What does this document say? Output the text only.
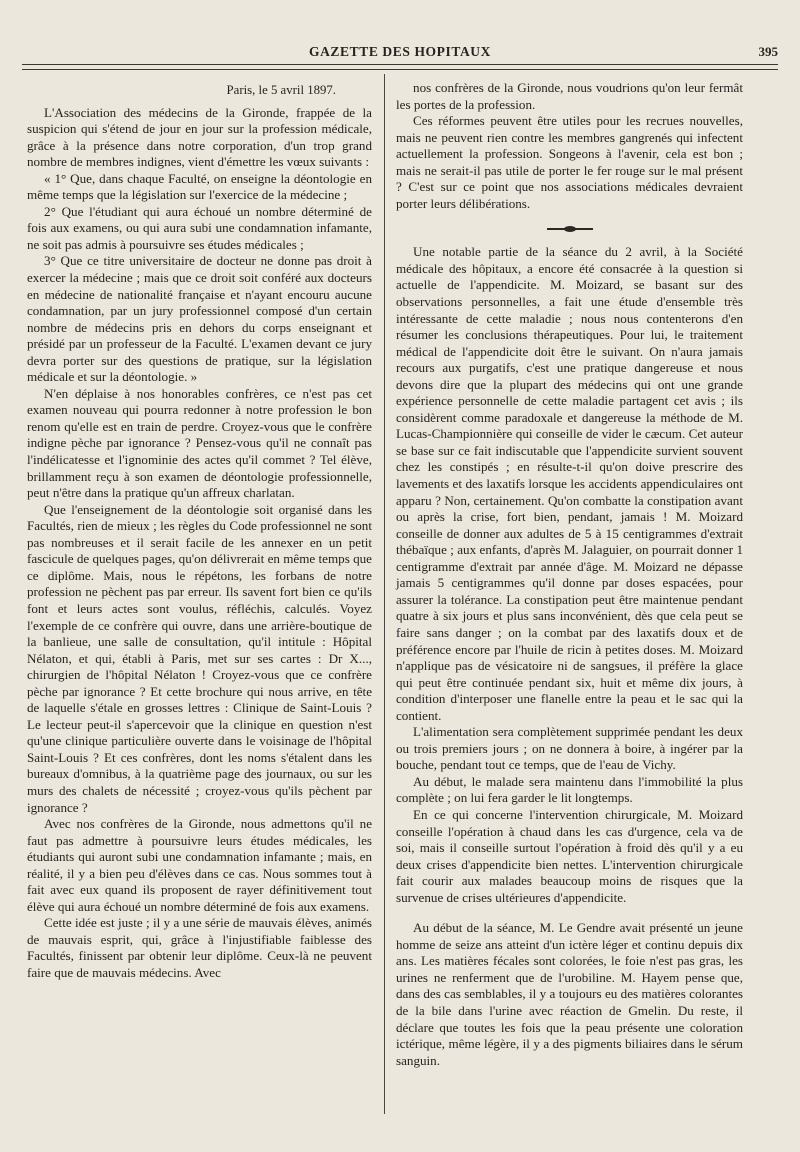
GAZETTE DES HOPITAUX	395

Paris, le 5 avril 1897.

L'Association des médecins de la Gironde, frappée de la suspicion qui s'étend de jour en jour sur la profession médicale, grâce à la présence dans notre corporation, d'un trop grand nombre de membres indignes, vient d'émettre les vœux suivants :

« 1° Que, dans chaque Faculté, on enseigne la déontologie en même temps que la législation sur l'exercice de la médecine ;

2° Que l'étudiant qui aura échoué un nombre déterminé de fois aux examens, ou qui aura subi une condamnation infamante, ne soit pas admis à poursuivre ses études médicales ;

3° Que ce titre universitaire de docteur ne donne pas droit à exercer la médecine ; mais que ce droit soit conféré aux docteurs en médecine de nationalité française et n'ayant encouru aucune condamnation, par un jury professionnel composé d'un certain nombre de médecins pris en dehors du corps enseignant et présidé par un professeur de la Faculté. L'examen devant ce jury devra porter sur des questions de pratique, sur la législation médicale et sur la déontologie. »

N'en déplaise à nos honorables confrères, ce n'est pas cet examen nouveau qui pourra redonner à notre profession le bon renom qu'elle est en train de perdre. Croyez-vous que le confrère indigne pèche par ignorance ? Pensez-vous qu'il ne connaît pas l'indélicatesse et l'ignominie des actes qu'il commet ? Tel élève, brillamment reçu à son examen de déontologie professionnelle, peut n'être dans la pratique qu'un affreux charlatan.

Que l'enseignement de la déontologie soit organisé dans les Facultés, rien de mieux ; les règles du Code professionnel ne sont pas nombreuses et il serait facile de les annexer en un petit fascicule de quelques pages, qu'on délivrerait en même temps que ce diplôme. Mais, nous le répétons, les forbans de notre profession ne pèchent pas par erreur. Ils savent fort bien ce qu'ils font et leurs actes sont voulus, réfléchis, calculés. Voyez l'exemple de ce confrère qui ouvre, dans une arrière-boutique de la banlieue, une salle de consultation, qu'il intitule : Hôpital Nélaton, et qui, établi à Paris, met sur ses cartes : Dr X..., chirurgien de l'hôpital Nélaton ! Croyez-vous que ce confrère pèche par ignorance ? Et cette brochure qui nous arrive, en tête de laquelle s'étale en grosses lettres : Clinique de Saint-Louis ? Le lecteur peut-il s'apercevoir que la clinique en question n'est qu'une clinique particulière ouverte dans le voisinage de l'hôpital Saint-Louis ? Et ces confrères, dont les noms s'étalent dans les bureaux d'omnibus, à la quatrième page des journaux, ou sur les murs des chalets de nécessité ; croyez-vous qu'ils pèchent par ignorance ?

Avec nos confrères de la Gironde, nous admettons qu'il ne faut pas admettre à poursuivre leurs études médicales, les étudiants qui auront subi une condamnation infamante ; mais, en réalité, il y a bien peu d'élèves dans ce cas. Nous sommes tout à fait avec eux quand ils proposent de rayer définitivement tout élève qui aura échoué un nombre déterminé de fois aux examens.

Cette idée est juste ; il y a une série de mauvais élèves, animés de mauvais esprit, qui, grâce à l'injustifiable faiblesse des Facultés, finissent par obtenir leur diplôme. Ceux-là ne peuvent faire que de mauvais médecins. Avec

nos confrères de la Gironde, nous voudrions qu'on leur fermât les portes de la profession.

Ces réformes peuvent être utiles pour les recrues nouvelles, mais ne peuvent rien contre les membres gangrenés qui infectent actuellement la profession. Songeons à l'avenir, cela est bon ; mais ne serait-il pas utile de porter le fer rouge sur le mal présent ? C'est sur ce point que nos associations médicales devraient porter leurs délibérations.

Une notable partie de la séance du 2 avril, à la Société médicale des hôpitaux, a encore été consacrée à la question si actuelle de l'appendicite. M. Moizard, se basant sur des observations personnelles, a fait une étude d'ensemble très intéressante de cette maladie ; nous nous contenterons d'en résumer les conclusions thérapeutiques. Pour lui, le traitement médical de l'appendicite doit être le suivant. On n'aura jamais recours aux purgatifs, c'est une pratique dangereuse et nous devons dire que la plupart des médecins qui ont une grande expérience personnelle de cette maladie partagent cet avis ; ils considèrent comme paradoxale et dangereuse la méthode de M. Lucas-Championnière qui conseille de vider le cæcum. Cet auteur se base sur ce fait indiscutable que l'appendicite survient souvent chez les constipés ; en résulte-t-il qu'on doive prescrire des lavements et des laxatifs lorsque les accidents appendiculaires ont apparu ? Non, certainement. Qu'on combatte la constipation avant ou après la crise, fort bien, pendant, jamais ! M. Moizard conseille de donner aux adultes de 5 à 15 centigrammes d'extrait thébaïque ; aux enfants, d'après M. Jalaguier, on pourrait donner 1 centigramme d'extrait par année d'âge. M. Moizard ne dépasse jamais 5 centigrammes qu'il donne par doses espacées, pour assurer la tolérance. La constipation peut être maintenue pendant quatre à six jours et plus sans inconvénient, dès que cela peut se faire sans danger ; on la combat par des laxatifs doux et de préférence encore par l'huile de ricin à petites doses. M. Moizard n'applique pas de vésicatoire ni de sangsues, il préfère la glace qui peut être continuée pendant six, huit et même dix jours, à condition d'interposer une flanelle entre la peau et le sac qui la contient.

L'alimentation sera complètement supprimée pendant les deux ou trois premiers jours ; on ne donnera à boire, à ingérer par la bouche, pendant tout ce temps, que de l'eau de Vichy.

Au début, le malade sera maintenu dans l'immobilité la plus complète ; on lui fera garder le lit longtemps.

En ce qui concerne l'intervention chirurgicale, M. Moizard conseille l'opération à chaud dans les cas d'urgence, cela va de soi, mais il conseille surtout l'opération à froid dès qu'il y a eu deux crises d'appendicite bien nettes. L'intervention chirurgicale fait courir aux malades beaucoup moins de risques que la survenue de crises ultérieures d'appendicite.

Au début de la séance, M. Le Gendre avait présenté un jeune homme de seize ans atteint d'un ictère léger et continu depuis dix ans. Les matières fécales sont colorées, le foie n'est pas gras, les urines ne renferment que de l'urobiline. M. Hayem pense que, dans des cas semblables, il y a toujours eu des matières colorantes de la bile dans l'urine avec réaction de Gmelin. Du reste, il déclare que toutes les fois que la peau présente une coloration ictérique, même légère, il y a des pigments biliaires dans le sérum sanguin.
